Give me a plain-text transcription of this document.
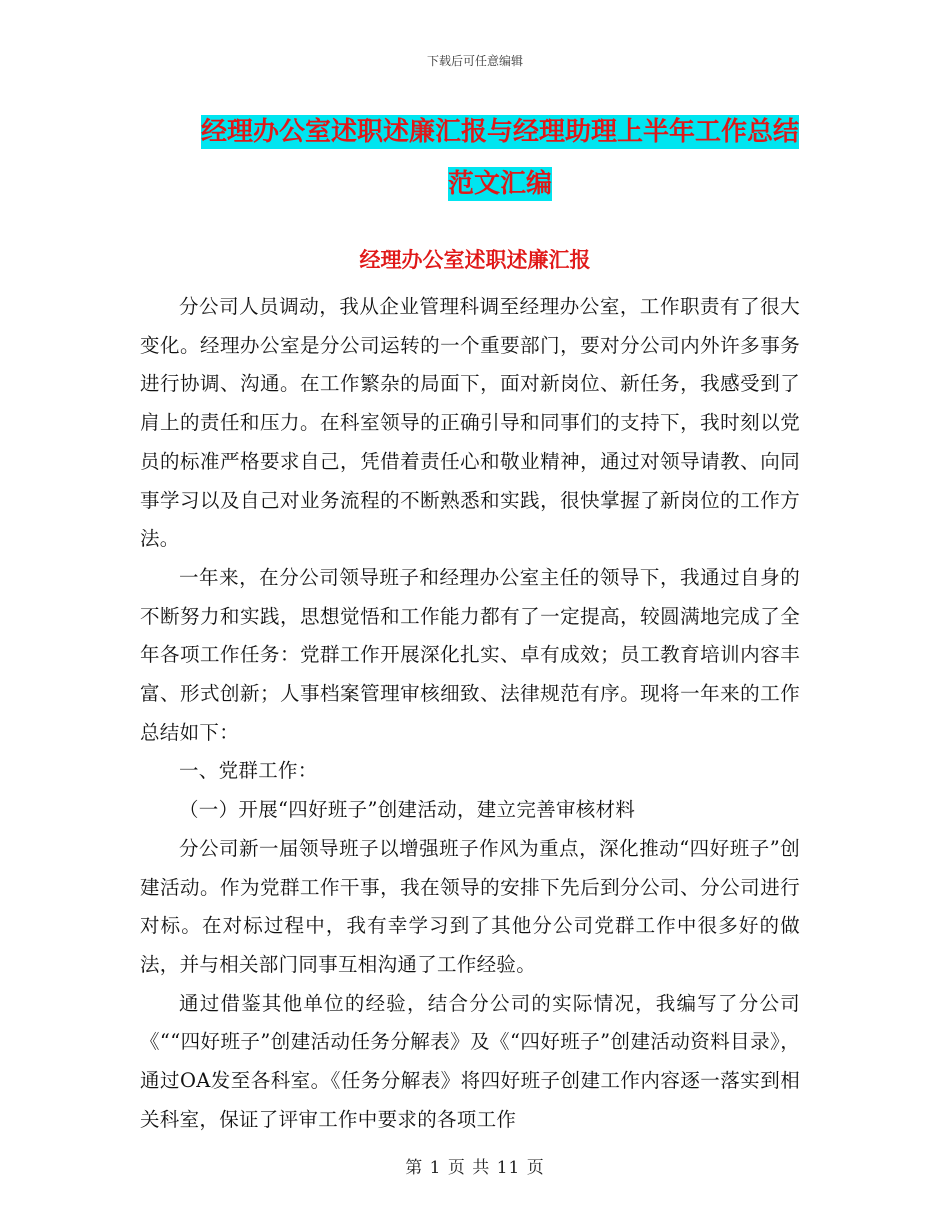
下载后可任意编辑
经理办公室述职述廉汇报与经理助理上半年工作总结
范文汇编
经理办公室述职述廉汇报

分公司人员调动，我从企业管理科调至经理办公室，工作职责有了很大变化。经理办公室是分公司运转的一个重要部门，要对分公司内外许多事务进行协调、沟通。在工作繁杂的局面下，面对新岗位、新任务，我感受到了肩上的责任和压力。在科室领导的正确引导和同事们的支持下，我时刻以党员的标准严格要求自己，凭借着责任心和敬业精神，通过对领导请教、向同事学习以及自己对业务流程的不断熟悉和实践，很快掌握了新岗位的工作方法。

一年来，在分公司领导班子和经理办公室主任的领导下，我通过自身的不断努力和实践，思想觉悟和工作能力都有了一定提高，较圆满地完成了全年各项工作任务：党群工作开展深化扎实、卓有成效；员工教育培训内容丰富、形式创新；人事档案管理审核细致、法律规范有序。现将一年来的工作总结如下：

一、党群工作：

（一）开展“四好班子”创建活动，建立完善审核材料

分公司新一届领导班子以增强班子作风为重点，深化推动“四好班子”创建活动。作为党群工作干事，我在领导的安排下先后到分公司、分公司进行对标。在对标过程中，我有幸学习到了其他分公司党群工作中很多好的做法，并与相关部门同事互相沟通了工作经验。

通过借鉴其他单位的经验，结合分公司的实际情况，我编写了分公司《““四好班子”创建活动任务分解表》及《“四好班子”创建活动资料目录》，通过OA发至各科室。《任务分解表》将四好班子创建工作内容逐一落实到相关科室，保证了评审工作中要求的各项工作

第 1 页 共 11 页
